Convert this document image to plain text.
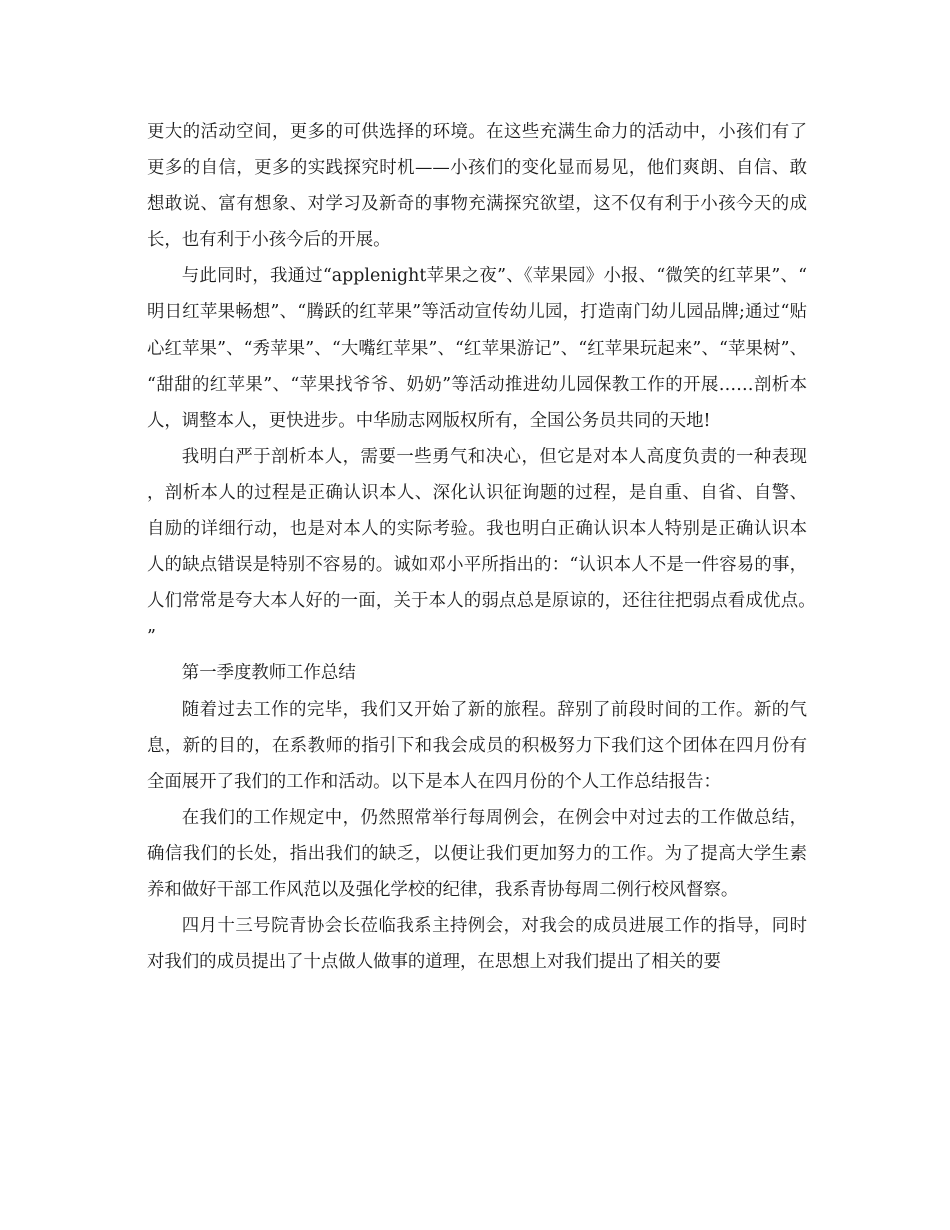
更大的活动空间，更多的可供选择的环境。在这些充满生命力的活动中，小孩们有了更多的自信，更多的实践探究时机——小孩们的变化显而易见，他们爽朗、自信、敢想敢说、富有想象、对学习及新奇的事物充满探究欲望，这不仅有利于小孩今天的成长，也有利于小孩今后的开展。

与此同时，我通过“applenight苹果之夜”、《苹果园》小报、“微笑的红苹果”、“明日红苹果畅想”、“腾跃的红苹果”等活动宣传幼儿园，打造南门幼儿园品牌;通过“贴心红苹果”、“秀苹果”、“大嘴红苹果”、“红苹果游记”、“红苹果玩起来”、“苹果树”、“甜甜的红苹果”、“苹果找爷爷、奶奶”等活动推进幼儿园保教工作的开展……剖析本人，调整本人，更快进步。中华励志网版权所有，全国公务员共同的天地!

我明白严于剖析本人，需要一些勇气和决心，但它是对本人高度负责的一种表现，剖析本人的过程是正确认识本人、深化认识征询题的过程，是自重、自省、自警、自励的详细行动，也是对本人的实际考验。我也明白正确认识本人特别是正确认识本人的缺点错误是特别不容易的。诚如邓小平所指出的：“认识本人不是一件容易的事，人们常常是夸大本人好的一面，关于本人的弱点总是原谅的，还往往把弱点看成优点。”

第一季度教师工作总结

随着过去工作的完毕，我们又开始了新的旅程。辞别了前段时间的工作。新的气息，新的目的，在系教师的指引下和我会成员的积极努力下我们这个团体在四月份有全面展开了我们的工作和活动。以下是本人在四月份的个人工作总结报告：

在我们的工作规定中，仍然照常举行每周例会，在例会中对过去的工作做总结，确信我们的长处，指出我们的缺乏，以便让我们更加努力的工作。为了提高大学生素养和做好干部工作风范以及强化学校的纪律，我系青协每周二例行校风督察。

四月十三号院青协会长莅临我系主持例会，对我会的成员进展工作的指导，同时对我们的成员提出了十点做人做事的道理，在思想上对我们提出了相关的要
